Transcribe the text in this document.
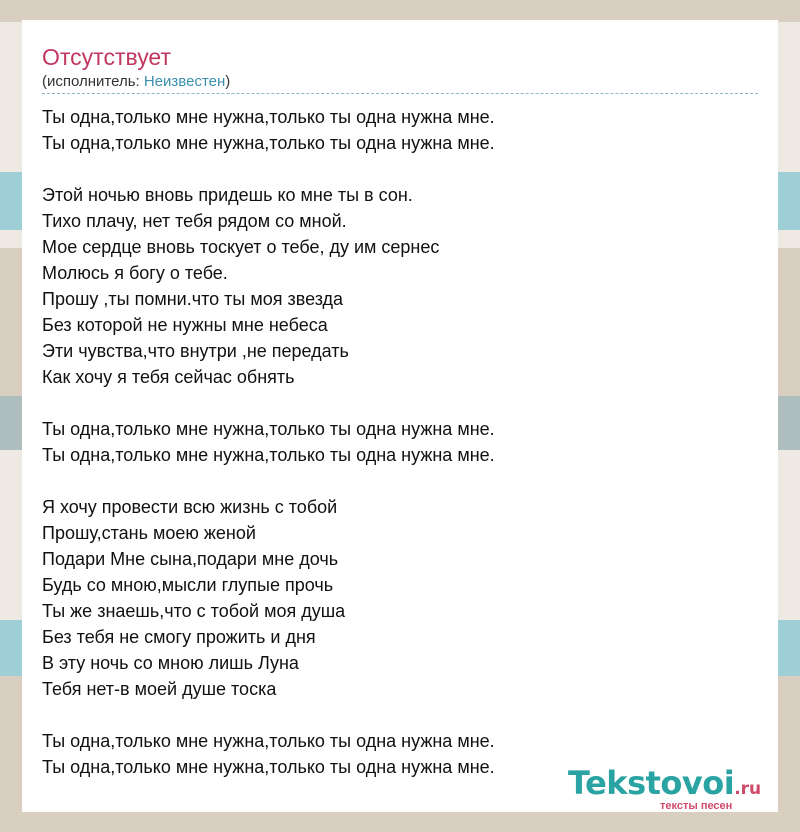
Отсутствует
(исполнитель: Неизвестен)
Ты одна,только мне нужна,только ты одна нужна мне.
Ты одна,только мне нужна,только ты одна нужна мне.
Этой ночью вновь придешь ко мне ты в сон.
Тихо плачу, нет тебя рядом со мной.
Мое сердце вновь тоскует о тебе, ду им сернес
Молюсь я богу о тебе.
Прошу ,ты помни.что ты моя звезда
Без которой не нужны мне небеса
Эти чувства,что внутри ,не передать
Как хочу я тебя сейчас обнять
Ты одна,только мне нужна,только ты одна нужна мне.
Ты одна,только мне нужна,только ты одна нужна мне.
Я хочу провести всю жизнь с тобой
Прошу,стань моею женой
Подари Мне сына,подари мне дочь
Будь со мною,мысли глупые прочь
Ты же знаешь,что с тобой моя душа
Без тебя не смогу прожить и дня
В эту ночь со мною лишь Луна
Тебя нет-в моей душе тоска
Ты одна,только мне нужна,только ты одна нужна мне.
Ты одна,только мне нужна,только ты одна нужна мне. Tekstovoi.ru
тексты песен
